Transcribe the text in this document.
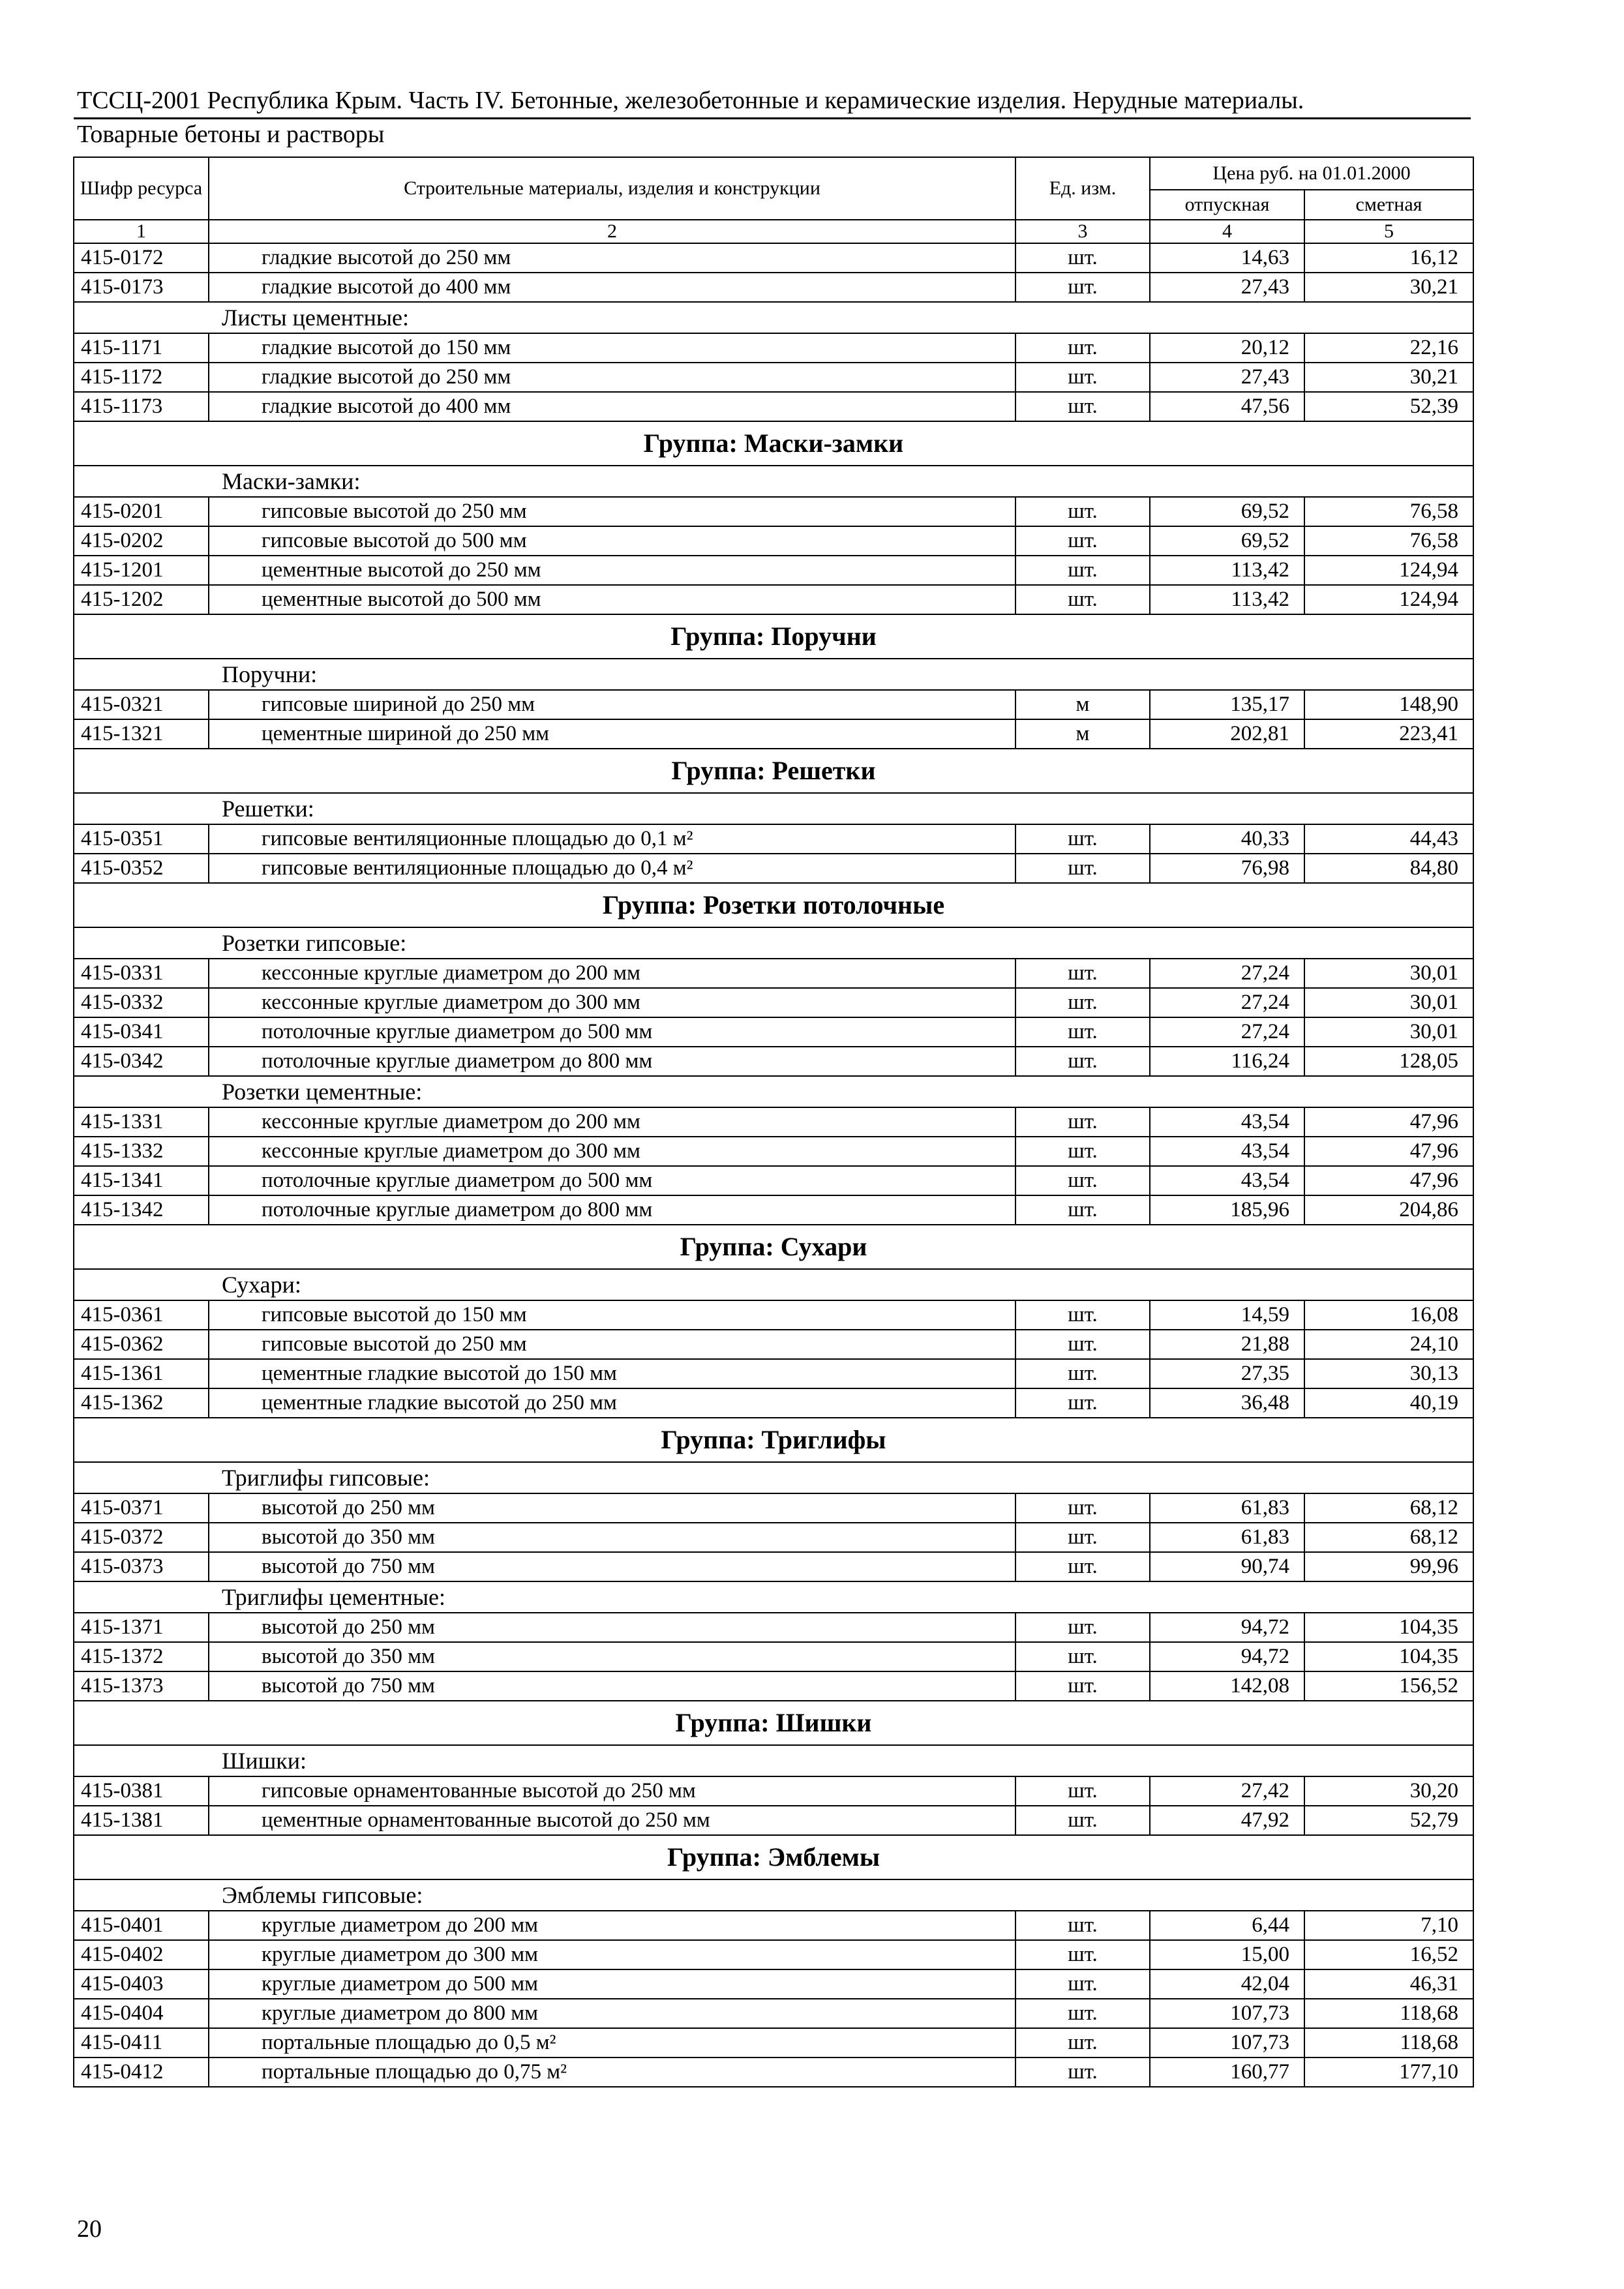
ТССЦ-2001 Республика Крым. Часть IV. Бетонные, железобетонные и керамические изделия. Нерудные материалы.
Товарные бетоны и растворы
Шифр ресурса	Строительные материалы, изделия и конструкции	Ед. изм.	Цена руб. на 01.01.2000	
			отпускная	сметная
1	2	3	4	5
415-0172	гладкие высотой до 250 мм	шт.	14,63	16,12
415-0173	гладкие высотой до 400 мм	шт.	27,43	30,21
Листы цементные:				
415-1171	гладкие высотой до 150 мм	шт.	20,12	22,16
415-1172	гладкие высотой до 250 мм	шт.	27,43	30,21
415-1173	гладкие высотой до 400 мм	шт.	47,56	52,39
Группа: Маски-замки				
Маски-замки:				
415-0201	гипсовые высотой до 250 мм	шт.	69,52	76,58
415-0202	гипсовые высотой до 500 мм	шт.	69,52	76,58
415-1201	цементные высотой до 250 мм	шт.	113,42	124,94
415-1202	цементные высотой до 500 мм	шт.	113,42	124,94
Группа: Поручни				
Поручни:				
415-0321	гипсовые шириной до 250 мм	м	135,17	148,90
415-1321	цементные шириной до 250 мм	м	202,81	223,41
Группа: Решетки				
Решетки:				
415-0351	гипсовые вентиляционные площадью до 0,1 м²	шт.	40,33	44,43
415-0352	гипсовые вентиляционные площадью до 0,4 м²	шт.	76,98	84,80
Группа: Розетки потолочные				
Розетки гипсовые:				
415-0331	кессонные круглые диаметром до 200 мм	шт.	27,24	30,01
415-0332	кессонные круглые диаметром до 300 мм	шт.	27,24	30,01
415-0341	потолочные круглые диаметром до 500 мм	шт.	27,24	30,01
415-0342	потолочные круглые диаметром до 800 мм	шт.	116,24	128,05
Розетки цементные:				
415-1331	кессонные круглые диаметром до 200 мм	шт.	43,54	47,96
415-1332	кессонные круглые диаметром до 300 мм	шт.	43,54	47,96
415-1341	потолочные круглые диаметром до 500 мм	шт.	43,54	47,96
415-1342	потолочные круглые диаметром до 800 мм	шт.	185,96	204,86
Группа: Сухари				
Сухари:				
415-0361	гипсовые высотой до 150 мм	шт.	14,59	16,08
415-0362	гипсовые высотой до 250 мм	шт.	21,88	24,10
415-1361	цементные гладкие высотой до 150 мм	шт.	27,35	30,13
415-1362	цементные гладкие высотой до 250 мм	шт.	36,48	40,19
Группа: Триглифы				
Триглифы гипсовые:				
415-0371	высотой до 250 мм	шт.	61,83	68,12
415-0372	высотой до 350 мм	шт.	61,83	68,12
415-0373	высотой до 750 мм	шт.	90,74	99,96
Триглифы цементные:				
415-1371	высотой до 250 мм	шт.	94,72	104,35
415-1372	высотой до 350 мм	шт.	94,72	104,35
415-1373	высотой до 750 мм	шт.	142,08	156,52
Группа: Шишки				
Шишки:				
415-0381	гипсовые орнаментованные высотой до 250 мм	шт.	27,42	30,20
415-1381	цементные орнаментованные высотой до 250 мм	шт.	47,92	52,79
Группа: Эмблемы				
Эмблемы гипсовые:				
415-0401	круглые диаметром до 200 мм	шт.	6,44	7,10
415-0402	круглые диаметром до 300 мм	шт.	15,00	16,52
415-0403	круглые диаметром до 500 мм	шт.	42,04	46,31
415-0404	круглые диаметром до 800 мм	шт.	107,73	118,68
415-0411	портальные площадью до 0,5 м²	шт.	107,73	118,68
415-0412	портальные площадью до 0,75 м²	шт.	160,77	177,10
20
